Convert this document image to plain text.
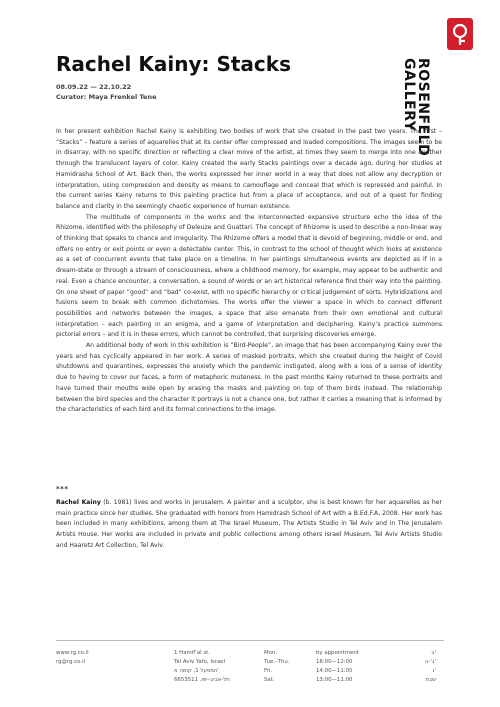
ROSENFELD
GALLERY
Rachel Kainy: Stacks
08.09.22 — 22.10.22
Curator: Maya Frenkel Tene

In her present exhibition Rachel Kainy is exhibiting two bodies of work that she created in the past two years. The first – “Stacks” – feature a series of aquarelles that at its center offer compressed and loaded compositions. The images seem to be in disarray, with no specific direction or reflecting a clear move of the artist, at times they seem to merge into one another through the translucent layers of color. Kainy created the early Stacks paintings over a decade ago, during her studies at Hamidrasha School of Art. Back then, the works expressed her inner world in a way that does not allow any decryption or interpretation, using compression and density as means to camouflage and conceal that which is repressed and painful. In the current series Kainy returns to this painting practice but from a place of acceptance, and out of a quest for finding balance and clarity in the seemingly chaotic experience of human existence.

The multitude of components in the works and the interconnected expansive structure echo the idea of the Rhizome, identified with the philosophy of Deleuze and Guattari. The concept of Rhizome is used to describe a non-linear way of thinking that speaks to chance and irregularity. The Rhizome offers a model that is devoid of beginning, middle or end, and offers no entry or exit points or even a detectable center. This, in contrast to the school of thought which looks at existence as a set of concurrent events that take place on a timeline. In her paintings simultaneous events are depicted as if in a dream-state or through a stream of consciousness, where a childhood memory, for example, may appear to be authentic and real. Even a chance encounter, a conversation, a sound of words or an art historical reference find their way into the painting. On one sheet of paper “good” and “bad” co-exist, with no specific hierarchy or critical judgement of sorts. Hybridizations and fusions seem to break with common dichotomies. The works offer the viewer a space in which to connect different possibilities and networks between the images, a space that also emanate from their own emotional and cultural interpretation – each painting in an enigma, and a game of interpretation and deciphering. Kainy’s practice summons pictorial errors – and it is in these errors, which cannot be controlled, that surprising discoveries emerge.

An additional body of work in this exhibition is “Bird-People”, an image that has been accompanying Kainy over the years and has cyclically appeared in her work. A series of masked portraits, which she created during the height of Covid shutdowns and quarantines, expresses the anxiety which the pandemic instigated, along with a loss of a sense of identity due to having to cover our faces, a form of metaphoric muteness. In the past months Kainy returned to these portraits and have turned their mouths wide open by erasing the masks and painting on top of them birds instead. The relationship between the bird species and the character it portrays is not a chance one, but rather it carries a meaning that is informed by the characteristics of each bird and its formal connections to the image.

***
Rachel Kainy (b. 1981) lives and works in Jerusalem. A painter and a sculptor, she is best known for her aquarelles as her main practice since her studies. She graduated with honors from Hamidrash School of Art with a B.Ed.F.A, 2008. Her work has been included in many exhibitions, among them at The Israel Museum, The Artists Studio in Tel Aviv and in The Jerusalem Artists House. Her works are included in private and public collections among others Israel Museum, Tel Aviv Artists Studio and Haaretz Art Collection, Tel Aviv.
www.rg.co.il
rg@rg.co.il
1 Hamif’al st.
Tel Aviv Yafo, Israel
המפעל 1, קומה א'
תל-אביב–יפו, 6653511
Mon.	by appointment	ב'
Tue.–Thu.	18:00—12:00	ג'–ה'
Fri.	14:00—11:00	ו'
Sat.	13:00—11:00	שבת
